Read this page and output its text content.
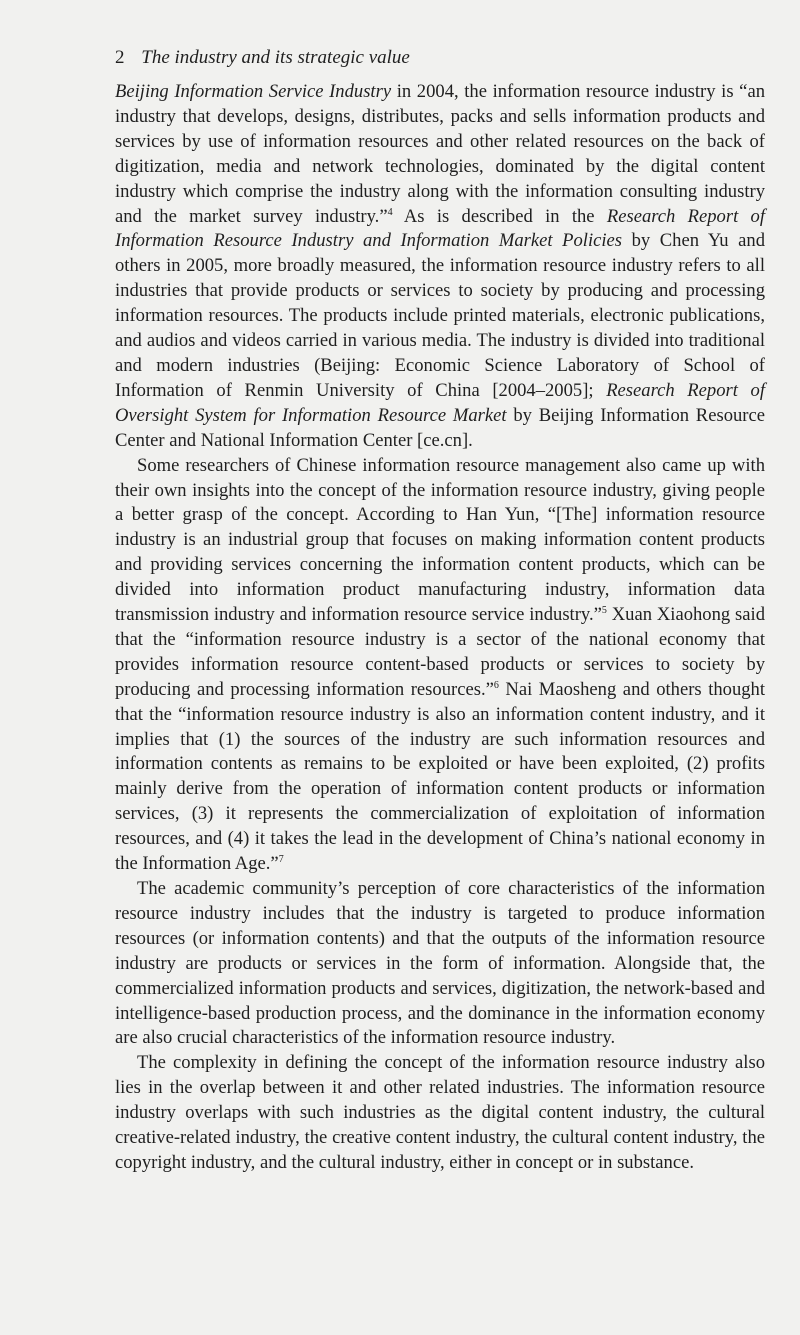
2 The industry and its strategic value

Beijing Information Service Industry in 2004, the information resource industry is “an industry that develops, designs, distributes, packs and sells information products and services by use of information resources and other related resources on the back of digitization, media and network technologies, dominated by the digital content industry which comprise the industry along with the information consulting industry and the market survey industry.”$^4$ As is described in the Research Report of Information Resource Industry and Information Market Policies by Chen Yu and others in 2005, more broadly measured, the information resource industry refers to all industries that provide products or services to society by producing and processing information resources. The products include printed materials, electronic publications, and audios and videos carried in various media. The industry is divided into traditional and modern industries (Beijing: Economic Science Laboratory of School of Information of Renmin University of China [2004–2005]; Research Report of Oversight System for Information Resource Market by Beijing Information Resource Center and National Information Center [ce.cn].

Some researchers of Chinese information resource management also came up with their own insights into the concept of the information resource industry, giving people a better grasp of the concept. According to Han Yun, “[The] information resource industry is an industrial group that focuses on making information content products and providing services concerning the information content products, which can be divided into information product manufacturing industry, information data transmission industry and information resource service industry.”$^5$ Xuan Xiaohong said that the “information resource industry is a sector of the national economy that provides information resource content-based products or services to society by producing and processing information resources.”$^6$ Nai Maosheng and others thought that the “information resource industry is also an information content industry, and it implies that (1) the sources of the industry are such information resources and information contents as remains to be exploited or have been exploited, (2) profits mainly derive from the operation of information content products or information services, (3) it represents the commercialization of exploitation of information resources, and (4) it takes the lead in the development of China’s national economy in the Information Age.”$^7$

The academic community’s perception of core characteristics of the information resource industry includes that the industry is targeted to produce information resources (or information contents) and that the outputs of the information resource industry are products or services in the form of information. Alongside that, the commercialized information products and services, digitization, the network-based and intelligence-based production process, and the dominance in the information economy are also crucial characteristics of the information resource industry.

The complexity in defining the concept of the information resource industry also lies in the overlap between it and other related industries. The information resource industry overlaps with such industries as the digital content industry, the cultural creative-related industry, the creative content industry, the cultural content industry, the copyright industry, and the cultural industry, either in concept or in substance.
